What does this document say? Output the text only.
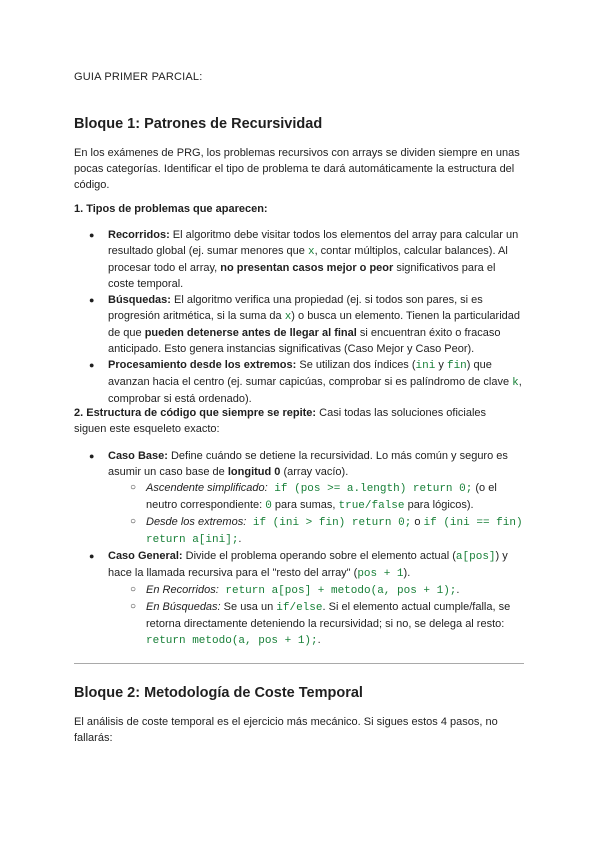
GUIA PRIMER PARCIAL:
Bloque 1: Patrones de Recursividad

En los exámenes de PRG, los problemas recursivos con arrays se dividen siempre en unas pocas categorías. Identificar el tipo de problema te dará automáticamente la estructura del código.

1. Tipos de problemas que aparecen:

● Recorridos: El algoritmo debe visitar todos los elementos del array para calcular un resultado global (ej. sumar menores que x, contar múltiplos, calcular balances). Al procesar todo el array, no presentan casos mejor o peor significativos para el coste temporal.
● Búsquedas: El algoritmo verifica una propiedad (ej. si todos son pares, si es progresión aritmética, si la suma da x) o busca un elemento. Tienen la particularidad de que pueden detenerse antes de llegar al final si encuentran éxito o fracaso anticipado. Esto genera instancias significativas (Caso Mejor y Caso Peor).
● Procesamiento desde los extremos: Se utilizan dos índices (ini y fin) que avanzan hacia el centro (ej. sumar capicúas, comprobar si es palíndromo de clave k, comprobar si está ordenado).

2. Estructura de código que siempre se repite: Casi todas las soluciones oficiales siguen este esqueleto exacto:

● Caso Base: Define cuándo se detiene la recursividad. Lo más común y seguro es asumir un caso base de longitud 0 (array vacío).
○ Ascendente simplificado: if (pos >= a.length) return 0; (o el neutro correspondiente: 0 para sumas, true/false para lógicos).
○ Desde los extremos: if (ini > fin) return 0; o if (ini == fin) return a[ini];.
● Caso General: Divide el problema operando sobre el elemento actual (a[pos]) y hace la llamada recursiva para el "resto del array" (pos + 1).
○ En Recorridos: return a[pos] + metodo(a, pos + 1);.
○ En Búsquedas: Se usa un if/else. Si el elemento actual cumple/falla, se retorna directamente deteniendo la recursividad; si no, se delega al resto: return metodo(a, pos + 1);.
Bloque 2: Metodología de Coste Temporal

El análisis de coste temporal es el ejercicio más mecánico. Si sigues estos 4 pasos, no fallarás:
